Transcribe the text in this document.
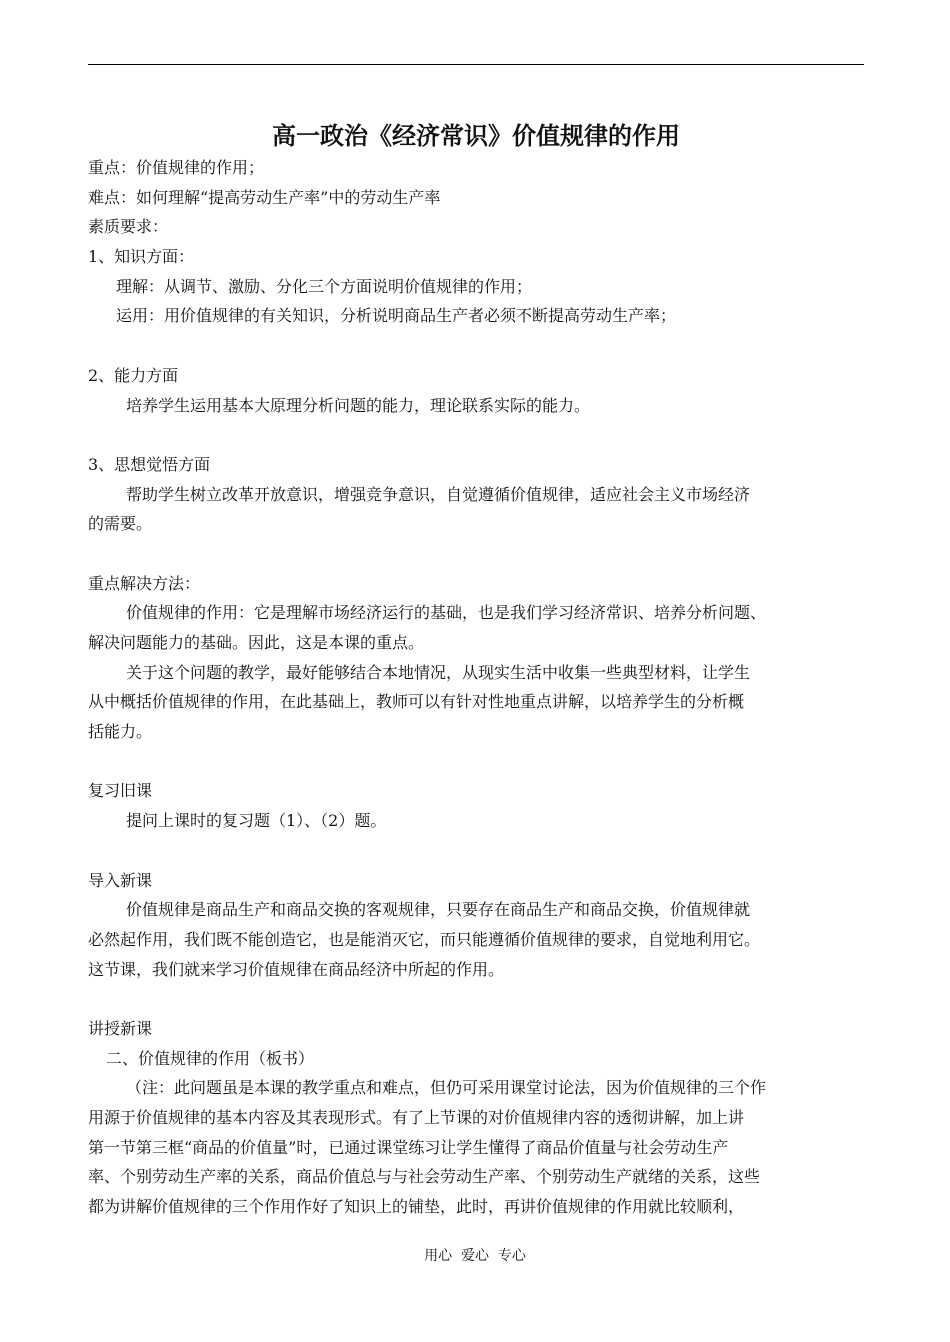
高一政治《经济常识》价值规律的作用
重点：价值规律的作用；
难点：如何理解“提高劳动生产率”中的劳动生产率
素质要求：
1、知识方面：
理解：从调节、激励、分化三个方面说明价值规律的作用；
运用：用价值规律的有关知识，分析说明商品生产者必须不断提高劳动生产率；
2、能力方面
培养学生运用基本大原理分析问题的能力，理论联系实际的能力。
3、思想觉悟方面
帮助学生树立改革开放意识，增强竞争意识，自觉遵循价值规律，适应社会主义市场经济
的需要。
重点解决方法：
价值规律的作用：它是理解市场经济运行的基础，也是我们学习经济常识、培养分析问题、
解决问题能力的基础。因此，这是本课的重点。
关于这个问题的教学，最好能够结合本地情况，从现实生活中收集一些典型材料，让学生
从中概括价值规律的作用，在此基础上，教师可以有针对性地重点讲解，以培养学生的分析概
括能力。
复习旧课
提问上课时的复习题（1）、（2）题。
导入新课
价值规律是商品生产和商品交换的客观规律，只要存在商品生产和商品交换，价值规律就
必然起作用，我们既不能创造它，也是能消灭它，而只能遵循价值规律的要求，自觉地利用它。
这节课，我们就来学习价值规律在商品经济中所起的作用。
讲授新课
二、价值规律的作用（板书）
（注：此问题虽是本课的教学重点和难点，但仍可采用课堂讨论法，因为价值规律的三个作
用源于价值规律的基本内容及其表现形式。有了上节课的对价值规律内容的透彻讲解，加上讲
第一节第三框“商品的价值量”时，已通过课堂练习让学生懂得了商品价值量与社会劳动生产
率、个别劳动生产率的关系，商品价值总与与社会劳动生产率、个别劳动生产就绪的关系，这些
都为讲解价值规律的三个作用作好了知识上的铺垫，此时，再讲价值规律的作用就比较顺利，
用心  爱心  专心
